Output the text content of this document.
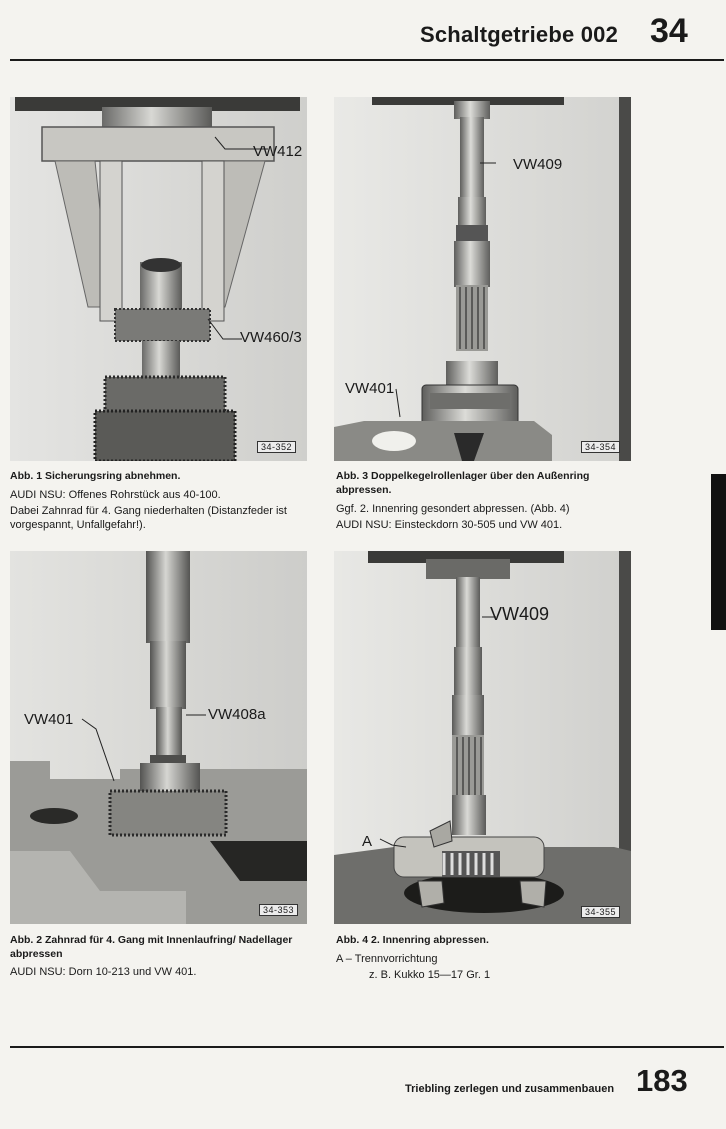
Schaltgetriebe 002 34
VW412
VW460/3
34-352
Abb. 1 Sicherungsring abnehmen.

AUDI NSU: Offenes Rohrstück aus 40-100.

Dabei Zahnrad für 4. Gang niederhalten (Distanzfeder ist vorgespannt, Unfallgefahr!).

VW409
VW401
34-354
Abb. 3 Doppelkegelrollenlager über den Außenring abpressen.

Ggf. 2. Innenring gesondert abpressen. (Abb. 4)

AUDI NSU: Einsteckdorn 30-505 und VW 401.

VW401	VW408a
34-353
Abb. 2 Zahnrad für 4. Gang mit Innenlaufring/ Nadellager abpressen

AUDI NSU: Dorn 10-213 und VW 401.

VW409
A
34-355
Abb. 4 2. Innenring abpressen.

A – Trennvorrichtung

z. B. Kukko 15—17 Gr. 1

Triebling zerlegen und zusammenbauen 183
